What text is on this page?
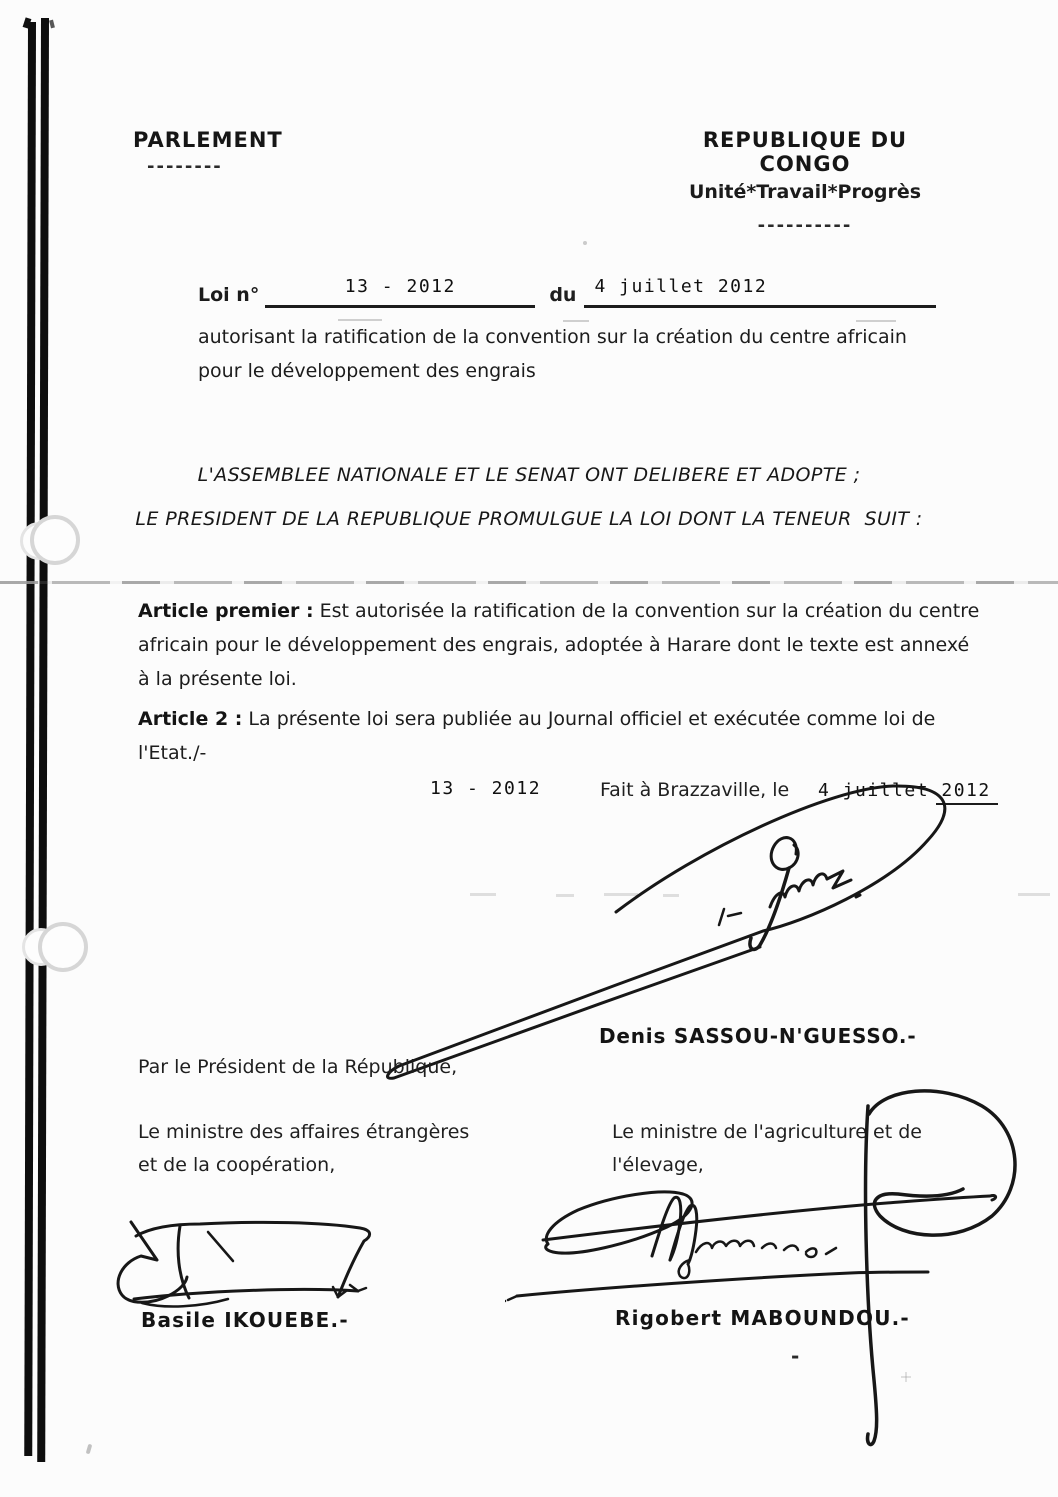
PARLEMENT
--------
REPUBLIQUE DU CONGO
Unité*Travail*Progrès
----------
Loi n°	13 - 2012	du 4 juillet 2012
autorisant la ratification de la convention sur la création du centre africain pour le développement des engrais
L'ASSEMBLEE NATIONALE ET LE SENAT ONT DELIBERE ET ADOPTE ;
LE PRESIDENT DE LA REPUBLIQUE PROMULGUE LA LOI DONT LA TENEUR  SUIT :
Article premier : Est autorisée la ratification de la convention sur la création du centre africain pour le développement des engrais, adoptée à Harare dont le texte est annexé à la présente loi.
Article 2 : La présente loi sera publiée au Journal officiel et exécutée comme loi de l'Etat./-
13 - 2012	Fait à Brazzaville, le 4 juillet 2012
Denis SASSOU-N'GUESSO.-
Par le Président de la République,
Le ministre des affaires étrangères
et de la coopération,
Le ministre de l'agriculture et de
l'élevage,
Basile IKOUEBE.-	Rigobert MABOUNDOU.-
-
